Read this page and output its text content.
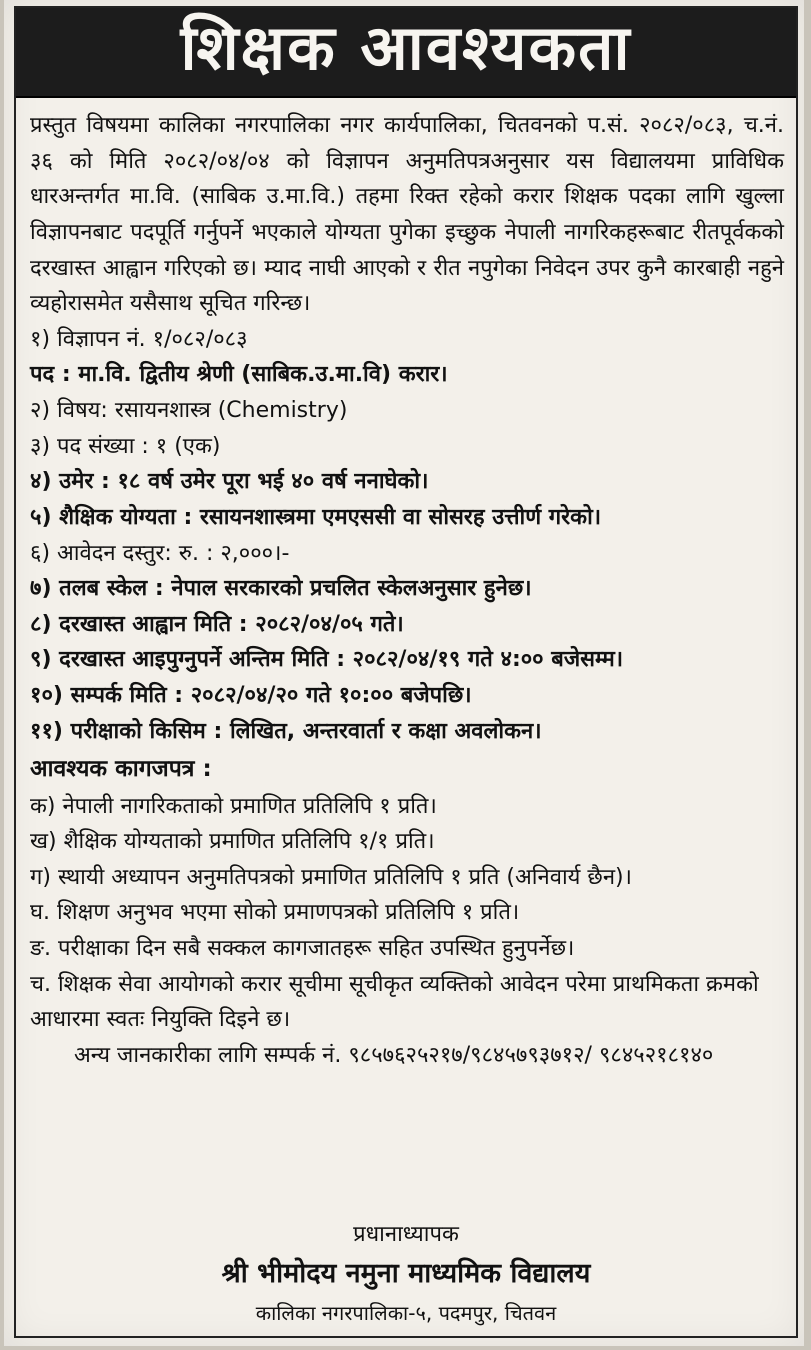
शिक्षक आवश्यकता

प्रस्तुत विषयमा कालिका नगरपालिका नगर कार्यपालिका, चितवनको प.सं. २०८२/०८३, च.नं. ३६ को मिति २०८२/०४/०४ को विज्ञापन अनुमतिपत्रअनुसार यस विद्यालयमा प्राविधिक धारअन्तर्गत मा.वि. (साबिक उ.मा.वि.) तहमा रिक्त रहेको करार शिक्षक पदका लागि खुल्ला विज्ञापनबाट पदपूर्ति गर्नुपर्ने भएकाले योग्यता पुगेका इच्छुक नेपाली नागरिकहरूबाट रीतपूर्वकको दरखास्त आह्वान गरिएको छ। म्याद नाघी आएको र रीत नपुगेका निवेदन उपर कुनै कारबाही नहुने व्यहोरासमेत यसैसाथ सूचित गरिन्छ।

१) विज्ञापन नं. १/०८२/०८३

पद : मा.वि. द्वितीय श्रेणी (साबिक.उ.मा.वि) करार।

२) विषय: रसायनशास्त्र (Chemistry)

३) पद संख्या : १ (एक)

४) उमेर : १८ वर्ष उमेर पूरा भई ४० वर्ष ननाघेको।

५) शैक्षिक योग्यता : रसायनशास्त्रमा एमएससी वा सोसरह उत्तीर्ण गरेको।

६) आवेदन दस्तुर: रु. : २,०००।-

७) तलब स्केल : नेपाल सरकारको प्रचलित स्केलअनुसार हुनेछ।

८) दरखास्त आह्वान मिति : २०८२/०४/०५ गते।

९) दरखास्त आइपुग्नुपर्ने अन्तिम मिति : २०८२/०४/१९ गते ४:०० बजेसम्म।

१०) सम्पर्क मिति : २०८२/०४/२० गते १०:०० बजेपछि।

११) परीक्षाको किसिम : लिखित, अन्तरवार्ता र कक्षा अवलोकन।

आवश्यक कागजपत्र :

क) नेपाली नागरिकताको प्रमाणित प्रतिलिपि १ प्रति।

ख) शैक्षिक योग्यताको प्रमाणित प्रतिलिपि १/१ प्रति।

ग) स्थायी अध्यापन अनुमतिपत्रको प्रमाणित प्रतिलिपि १ प्रति (अनिवार्य छैन)।

घ. शिक्षण अनुभव भएमा सोको प्रमाणपत्रको प्रतिलिपि १ प्रति।

ङ. परीक्षाका दिन सबै सक्कल कागजातहरू सहित उपस्थित हुनुपर्नेछ।

च. शिक्षक सेवा आयोगको करार सूचीमा सूचीकृत व्यक्तिको आवेदन परेमा प्राथमिकता क्रमको आधारमा स्वतः नियुक्ति दिइने छ।

अन्य जानकारीका लागि सम्पर्क नं. ९८५७६२५२१७/९८४५७९३७१२/ ९८४५२१८१४०

प्रधानाध्यापक

श्री भीमोदय नमुना माध्यमिक विद्यालय

कालिका नगरपालिका-५, पदमपुर, चितवन
